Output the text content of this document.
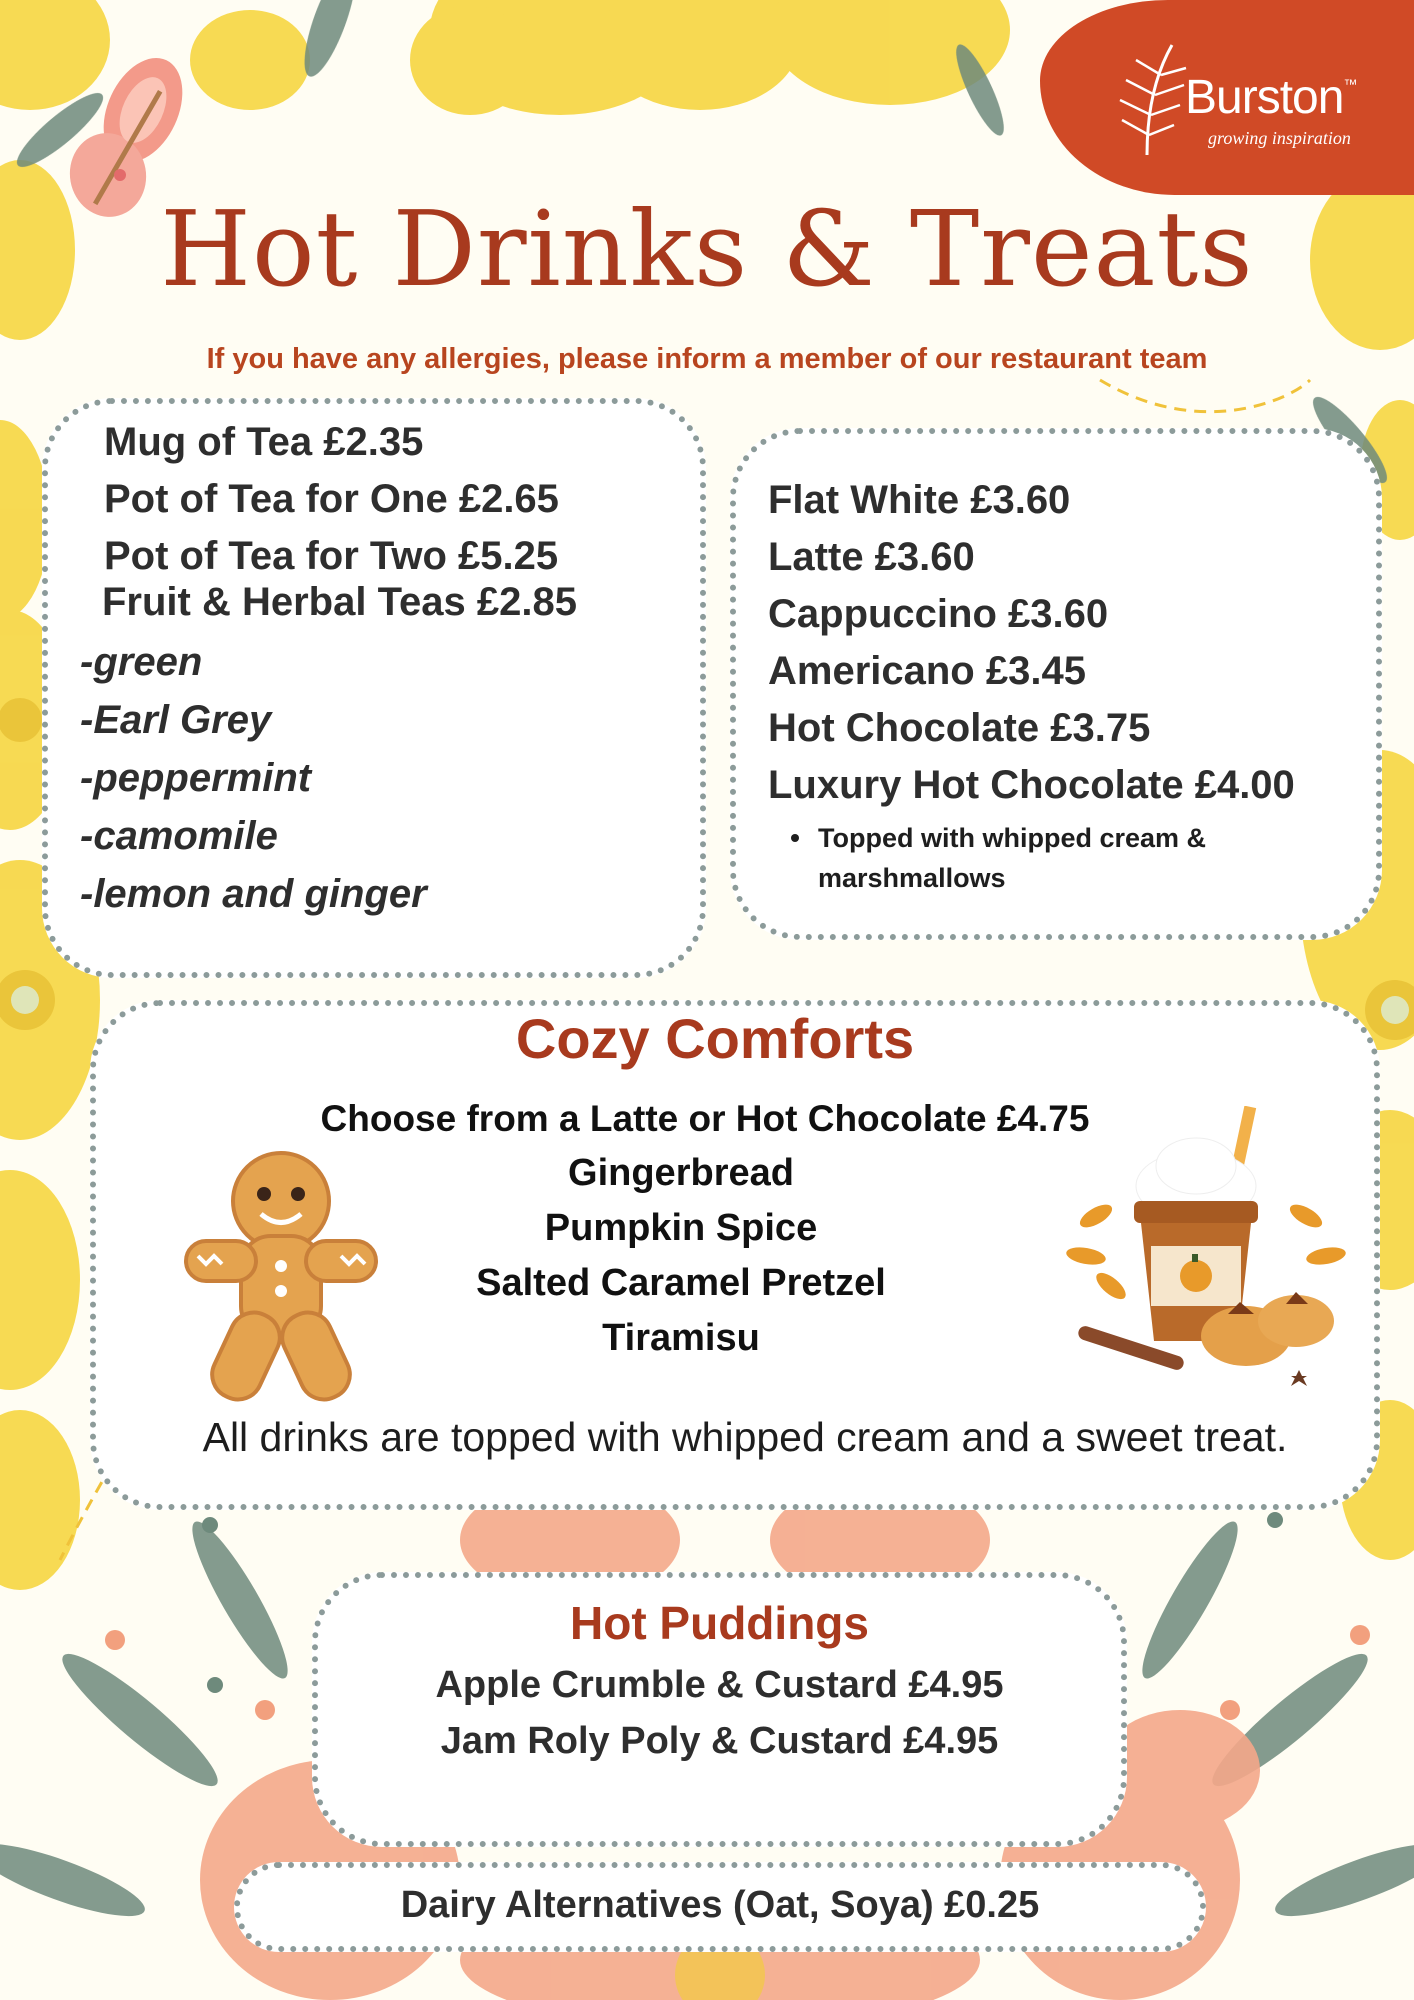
Burston™
growing inspiration
Hot Drinks & Treats
If you have any allergies, please inform a member of our restaurant team
Mug of Tea £2.35
Pot of Tea for One £2.65
Pot of Tea for Two £5.25
Fruit & Herbal Teas £2.85
-green
-Earl Grey
-peppermint
-camomile
-lemon and ginger
Flat White £3.60
Latte £3.60
Cappuccino £3.60
Americano £3.45
Hot Chocolate £3.75
Luxury Hot Chocolate £4.00
Topped with whipped cream & marshmallows
Cozy Comforts
Choose from a Latte or Hot Chocolate £4.75
Gingerbread
Pumpkin Spice
Salted Caramel Pretzel
Tiramisu
All drinks are topped with whipped cream and a sweet treat.
Hot Puddings
Apple Crumble & Custard £4.95
Jam Roly Poly & Custard £4.95
Dairy Alternatives (Oat, Soya) £0.25
